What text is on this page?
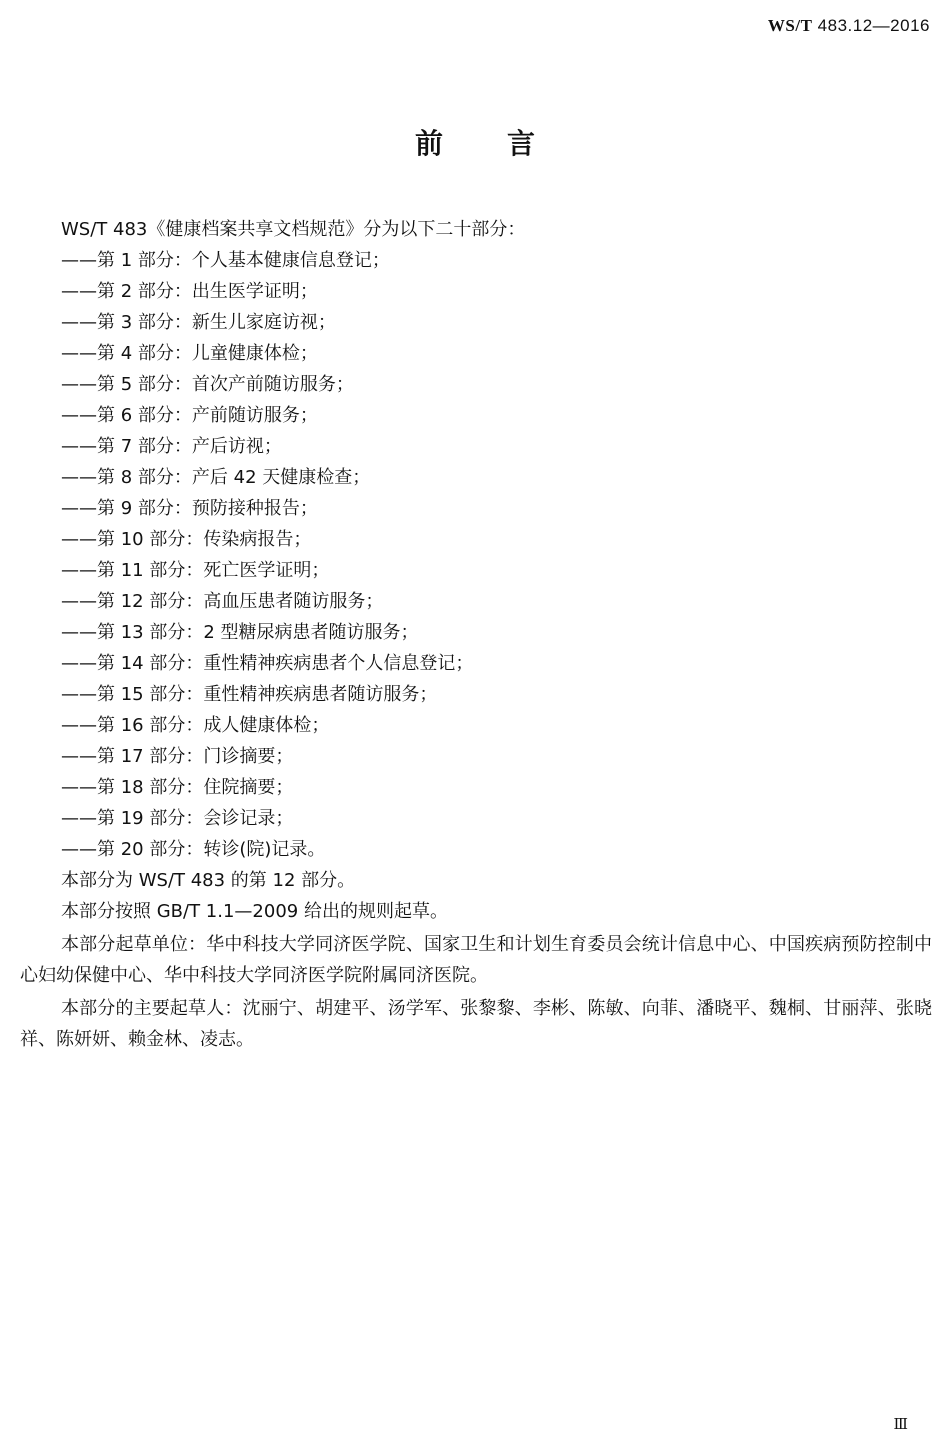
WS/T 483.12—2016
前言

WS/T 483《健康档案共享文档规范》分为以下二十部分：

——第 1 部分：个人基本健康信息登记；
——第 2 部分：出生医学证明；
——第 3 部分：新生儿家庭访视；
——第 4 部分：儿童健康体检；
——第 5 部分：首次产前随访服务；
——第 6 部分：产前随访服务；
——第 7 部分：产后访视；
——第 8 部分：产后 42 天健康检查；
——第 9 部分：预防接种报告；
——第 10 部分：传染病报告；
——第 11 部分：死亡医学证明；
——第 12 部分：高血压患者随访服务；
——第 13 部分：2 型糖尿病患者随访服务；
——第 14 部分：重性精神疾病患者个人信息登记；
——第 15 部分：重性精神疾病患者随访服务；
——第 16 部分：成人健康体检；
——第 17 部分：门诊摘要；
——第 18 部分：住院摘要；
——第 19 部分：会诊记录；
——第 20 部分：转诊(院)记录。

本部分为 WS/T 483 的第 12 部分。

本部分按照 GB/T 1.1—2009 给出的规则起草。

本部分起草单位：华中科技大学同济医学院、国家卫生和计划生育委员会统计信息中心、中国疾病预防控制中心妇幼保健中心、华中科技大学同济医学院附属同济医院。

本部分的主要起草人：沈丽宁、胡建平、汤学军、张黎黎、李彬、陈敏、向菲、潘晓平、魏桐、甘丽萍、张晓祥、陈妍妍、赖金林、凌志。

Ⅲ
